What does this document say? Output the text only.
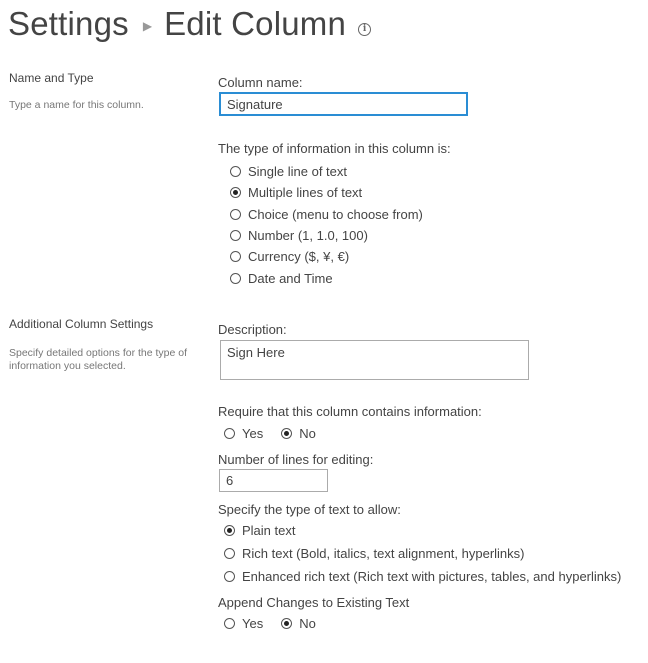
Settings ▶ Edit Column	i
Name and Type
Type a name for this column.
Column name:
Signature
The type of information in this column is:
Single line of text
Multiple lines of text
Choice (menu to choose from)
Number (1, 1.0, 100)
Currency ($, ¥, €)
Date and Time
Additional Column Settings
Specify detailed options for the type of information you selected.
Description:
Sign Here
Require that this column contains information:
Yes	No
Number of lines for editing:
6
Specify the type of text to allow:
Plain text
Rich text (Bold, italics, text alignment, hyperlinks)
Enhanced rich text (Rich text with pictures, tables, and hyperlinks)
Append Changes to Existing Text
Yes	No
